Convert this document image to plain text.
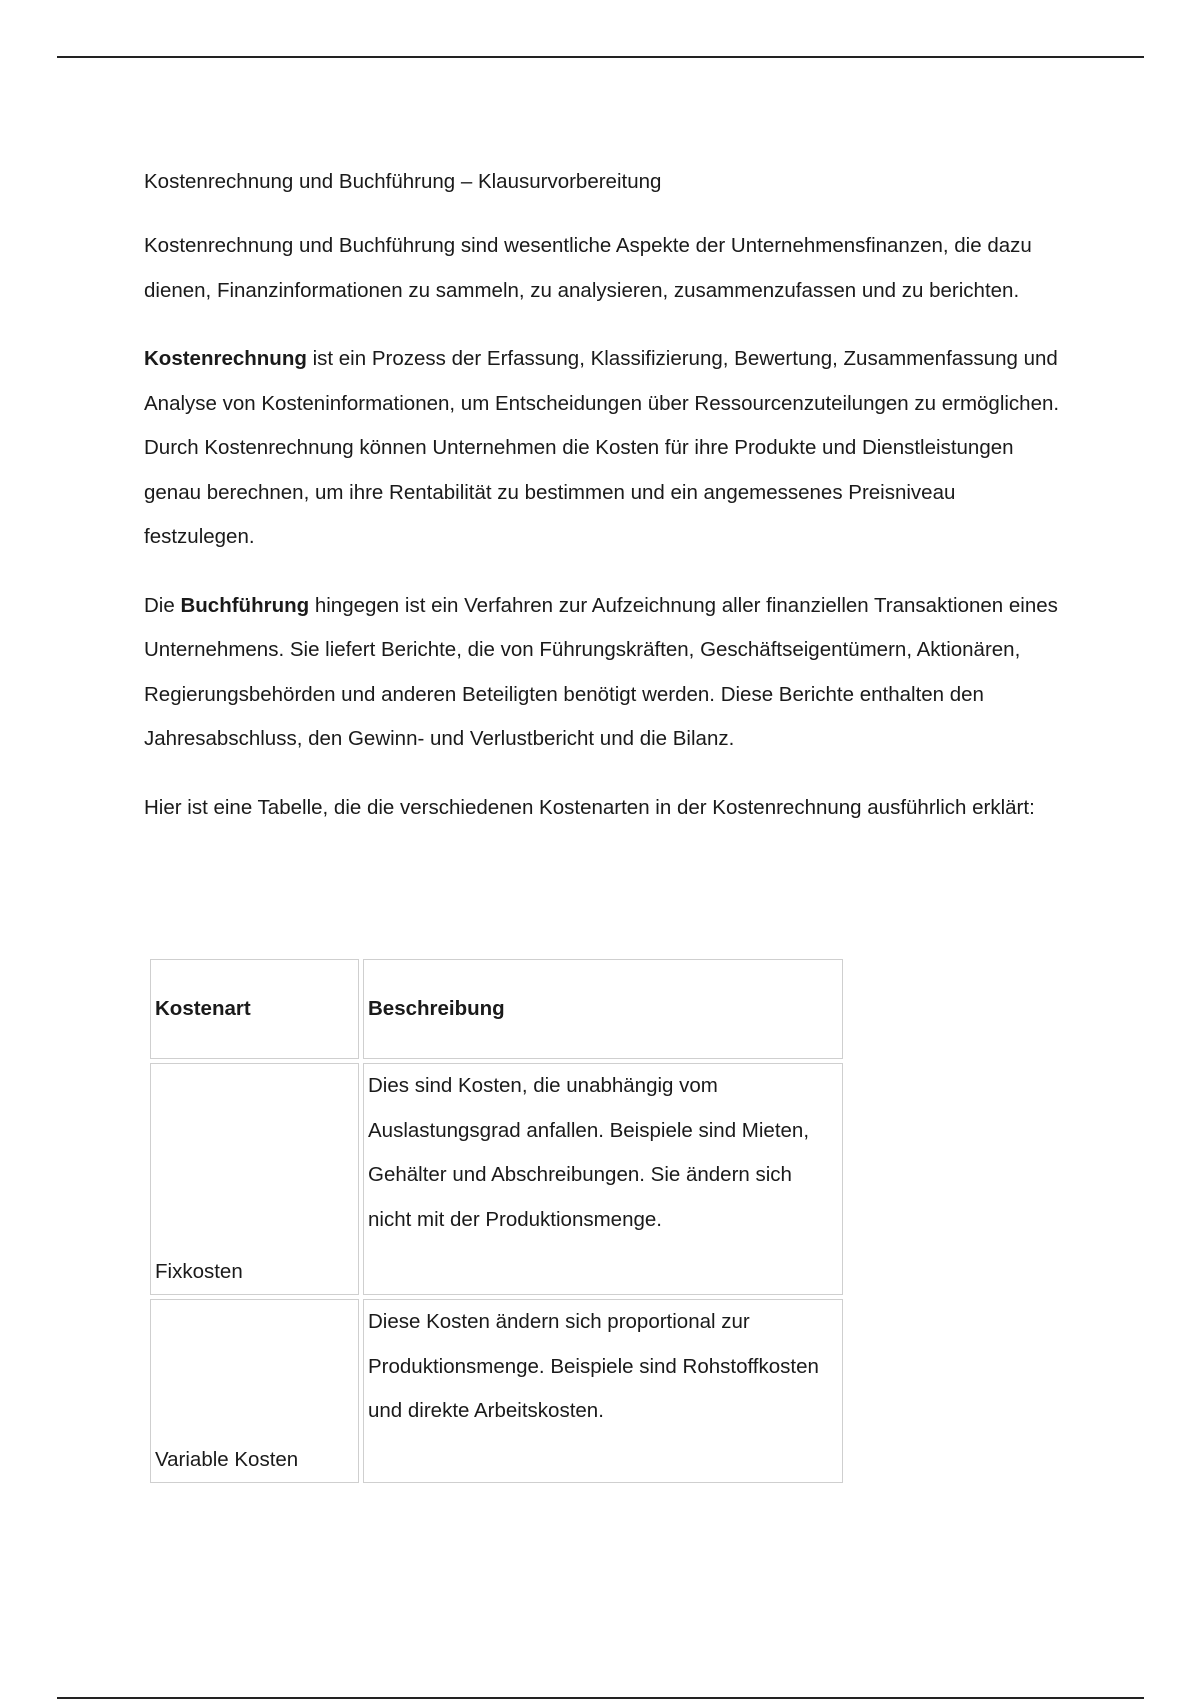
Kostenrechnung und Buchführung – Klausurvorbereitung

Kostenrechnung und Buchführung sind wesentliche Aspekte der Unternehmensfinanzen, die dazu dienen, Finanzinformationen zu sammeln, zu analysieren, zusammenzufassen und zu berichten.

Kostenrechnung ist ein Prozess der Erfassung, Klassifizierung, Bewertung, Zusammenfassung und Analyse von Kosteninformationen, um Entscheidungen über Ressourcenzuteilungen zu ermöglichen. Durch Kostenrechnung können Unternehmen die Kosten für ihre Produkte und Dienstleistungen genau berechnen, um ihre Rentabilität zu bestimmen und ein angemessenes Preisniveau festzulegen.

Die Buchführung hingegen ist ein Verfahren zur Aufzeichnung aller finanziellen Transaktionen eines Unternehmens. Sie liefert Berichte, die von Führungskräften, Geschäftseigentümern, Aktionären, Regierungsbehörden und anderen Beteiligten benötigt werden. Diese Berichte enthalten den Jahresabschluss, den Gewinn- und Verlustbericht und die Bilanz.

Hier ist eine Tabelle, die die verschiedenen Kostenarten in der Kostenrechnung ausführlich erklärt:

Kostenart	Beschreibung
Fixkosten	Dies sind Kosten, die unabhängig vom Auslastungsgrad anfallen. Beispiele sind Mieten, Gehälter und Abschreibungen. Sie ändern sich nicht mit der Produktionsmenge.
Variable Kosten	Diese Kosten ändern sich proportional zur Produktionsmenge. Beispiele sind Rohstoffkosten und direkte Arbeitskosten.
